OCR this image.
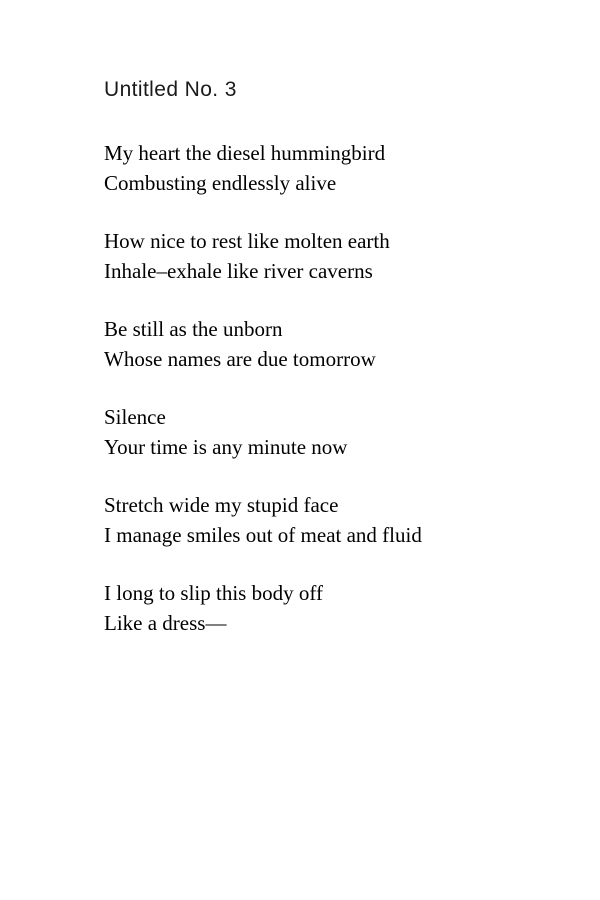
Untitled No. 3
My heart the diesel hummingbird
Combusting endlessly alive
How nice to rest like molten earth
Inhale–exhale like river caverns
Be still as the unborn
Whose names are due tomorrow
Silence
Your time is any minute now
Stretch wide my stupid face
I manage smiles out of meat and fluid
I long to slip this body off
Like a dress—
